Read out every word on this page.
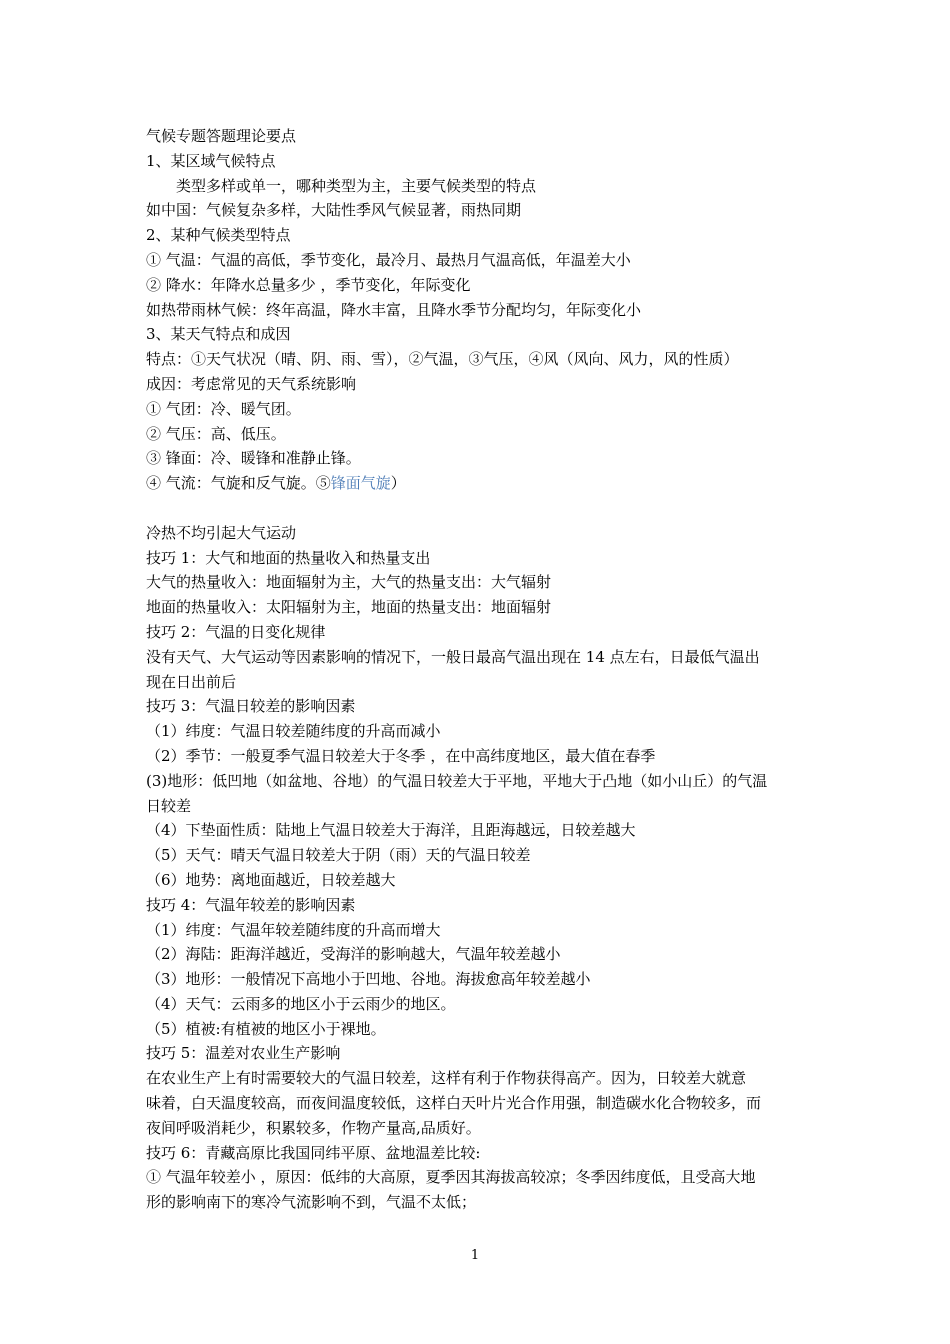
气候专题答题理论要点
1、某区域气候特点
类型多样或单一，哪种类型为主，主要气候类型的特点
如中国：气候复杂多样，大陆性季风气候显著，雨热同期
2、某种气候类型特点
① 气温：气温的高低，季节变化，最冷月、最热月气温高低，年温差大小
② 降水：年降水总量多少 ，季节变化，年际变化
如热带雨林气候：终年高温，降水丰富，且降水季节分配均匀，年际变化小
3、某天气特点和成因
特点：①天气状况（晴、阴、雨、雪），②气温，③气压，④风（风向、风力，风的性质）
成因：考虑常见的天气系统影响
① 气团：冷、暖气团。
② 气压：高、低压。
③ 锋面：冷、暖锋和准静止锋。
④ 气流：气旋和反气旋。⑤锋面气旋）
冷热不均引起大气运动
技巧 1：大气和地面的热量收入和热量支出
大气的热量收入：地面辐射为主，大气的热量支出：大气辐射
地面的热量收入：太阳辐射为主，地面的热量支出：地面辐射
技巧 2：气温的日变化规律
没有天气、大气运动等因素影响的情况下，一般日最高气温出现在 14 点左右，日最低气温出
现在日出前后
技巧 3：气温日较差的影响因素
（1）纬度：气温日较差随纬度的升高而减小
（2）季节：一般夏季气温日较差大于冬季 ，在中高纬度地区，最大值在春季
(3)地形：低凹地（如盆地、谷地）的气温日较差大于平地，平地大于凸地（如小山丘）的气温
日较差
（4）下垫面性质：陆地上气温日较差大于海洋，且距海越远，日较差越大
（5）天气：晴天气温日较差大于阴（雨）天的气温日较差
（6）地势：离地面越近，日较差越大
技巧 4：气温年较差的影响因素
（1）纬度：气温年较差随纬度的升高而增大
（2）海陆：距海洋越近，受海洋的影响越大，气温年较差越小
（3）地形：一般情况下高地小于凹地、谷地。海拔愈高年较差越小
（4）天气：云雨多的地区小于云雨少的地区。
（5）植被:有植被的地区小于裸地。
技巧 5：温差对农业生产影响
在农业生产上有时需要较大的气温日较差，这样有利于作物获得高产。因为，日较差大就意
味着，白天温度较高，而夜间温度较低，这样白天叶片光合作用强，制造碳水化合物较多，而
夜间呼吸消耗少，积累较多，作物产量高,品质好。
技巧 6：青藏高原比我国同纬平原、盆地温差比较:
① 气温年较差小 ，原因：低纬的大高原，夏季因其海拔高较凉；冬季因纬度低，且受高大地
形的影响南下的寒冷气流影响不到，气温不太低；
1
